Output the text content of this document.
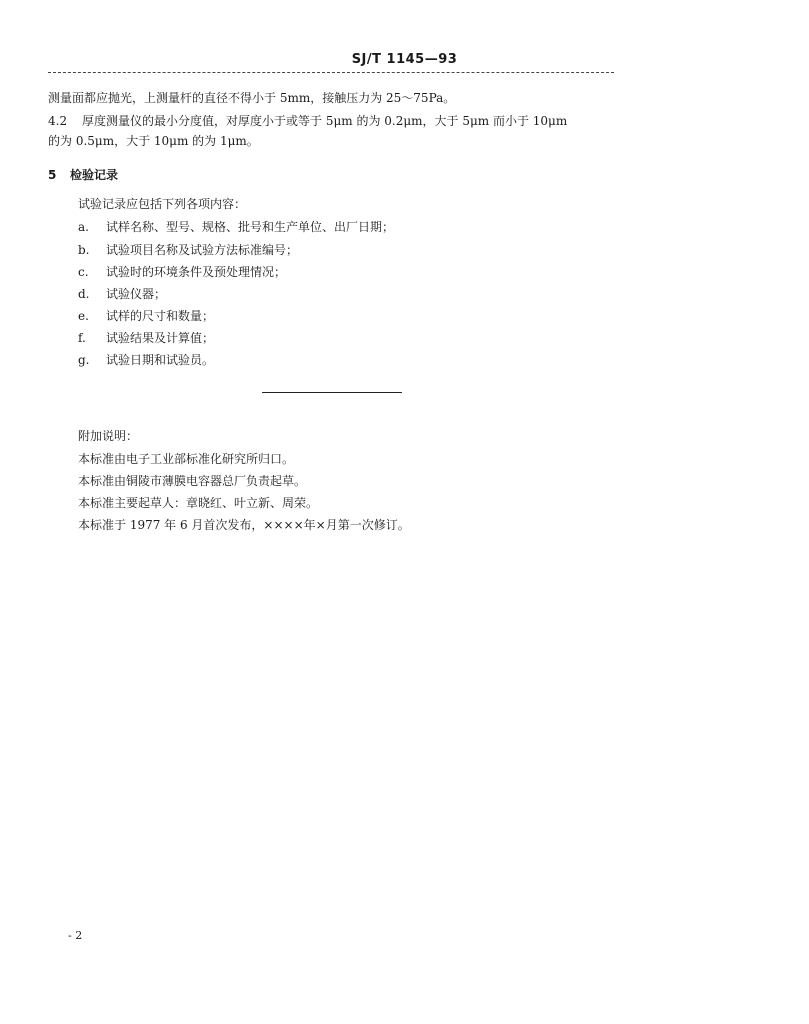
SJ/T 1145—93
测量面都应抛光，上测量杆的直径不得小于 5mm，接触压力为 25～75Pa。
4.2 厚度测量仪的最小分度值，对厚度小于或等于 5μm 的为 0.2μm，大于 5μm 而小于 10μm
的为 0.5μm，大于 10μm 的为 1μm。
5 检验记录
试验记录应包括下列各项内容：
a. 试样名称、型号、规格、批号和生产单位、出厂日期；
b. 试验项目名称及试验方法标准编号；
c. 试验时的环境条件及预处理情况；
d. 试验仪器；
e. 试样的尺寸和数量；
f. 试验结果及计算值；
g. 试验日期和试验员。
附加说明：
本标准由电子工业部标准化研究所归口。
本标准由铜陵市薄膜电容器总厂负责起草。
本标准主要起草人：章晓红、叶立新、周荣。
本标准于 1977 年 6 月首次发布，××××年×月第一次修订。
- 2
